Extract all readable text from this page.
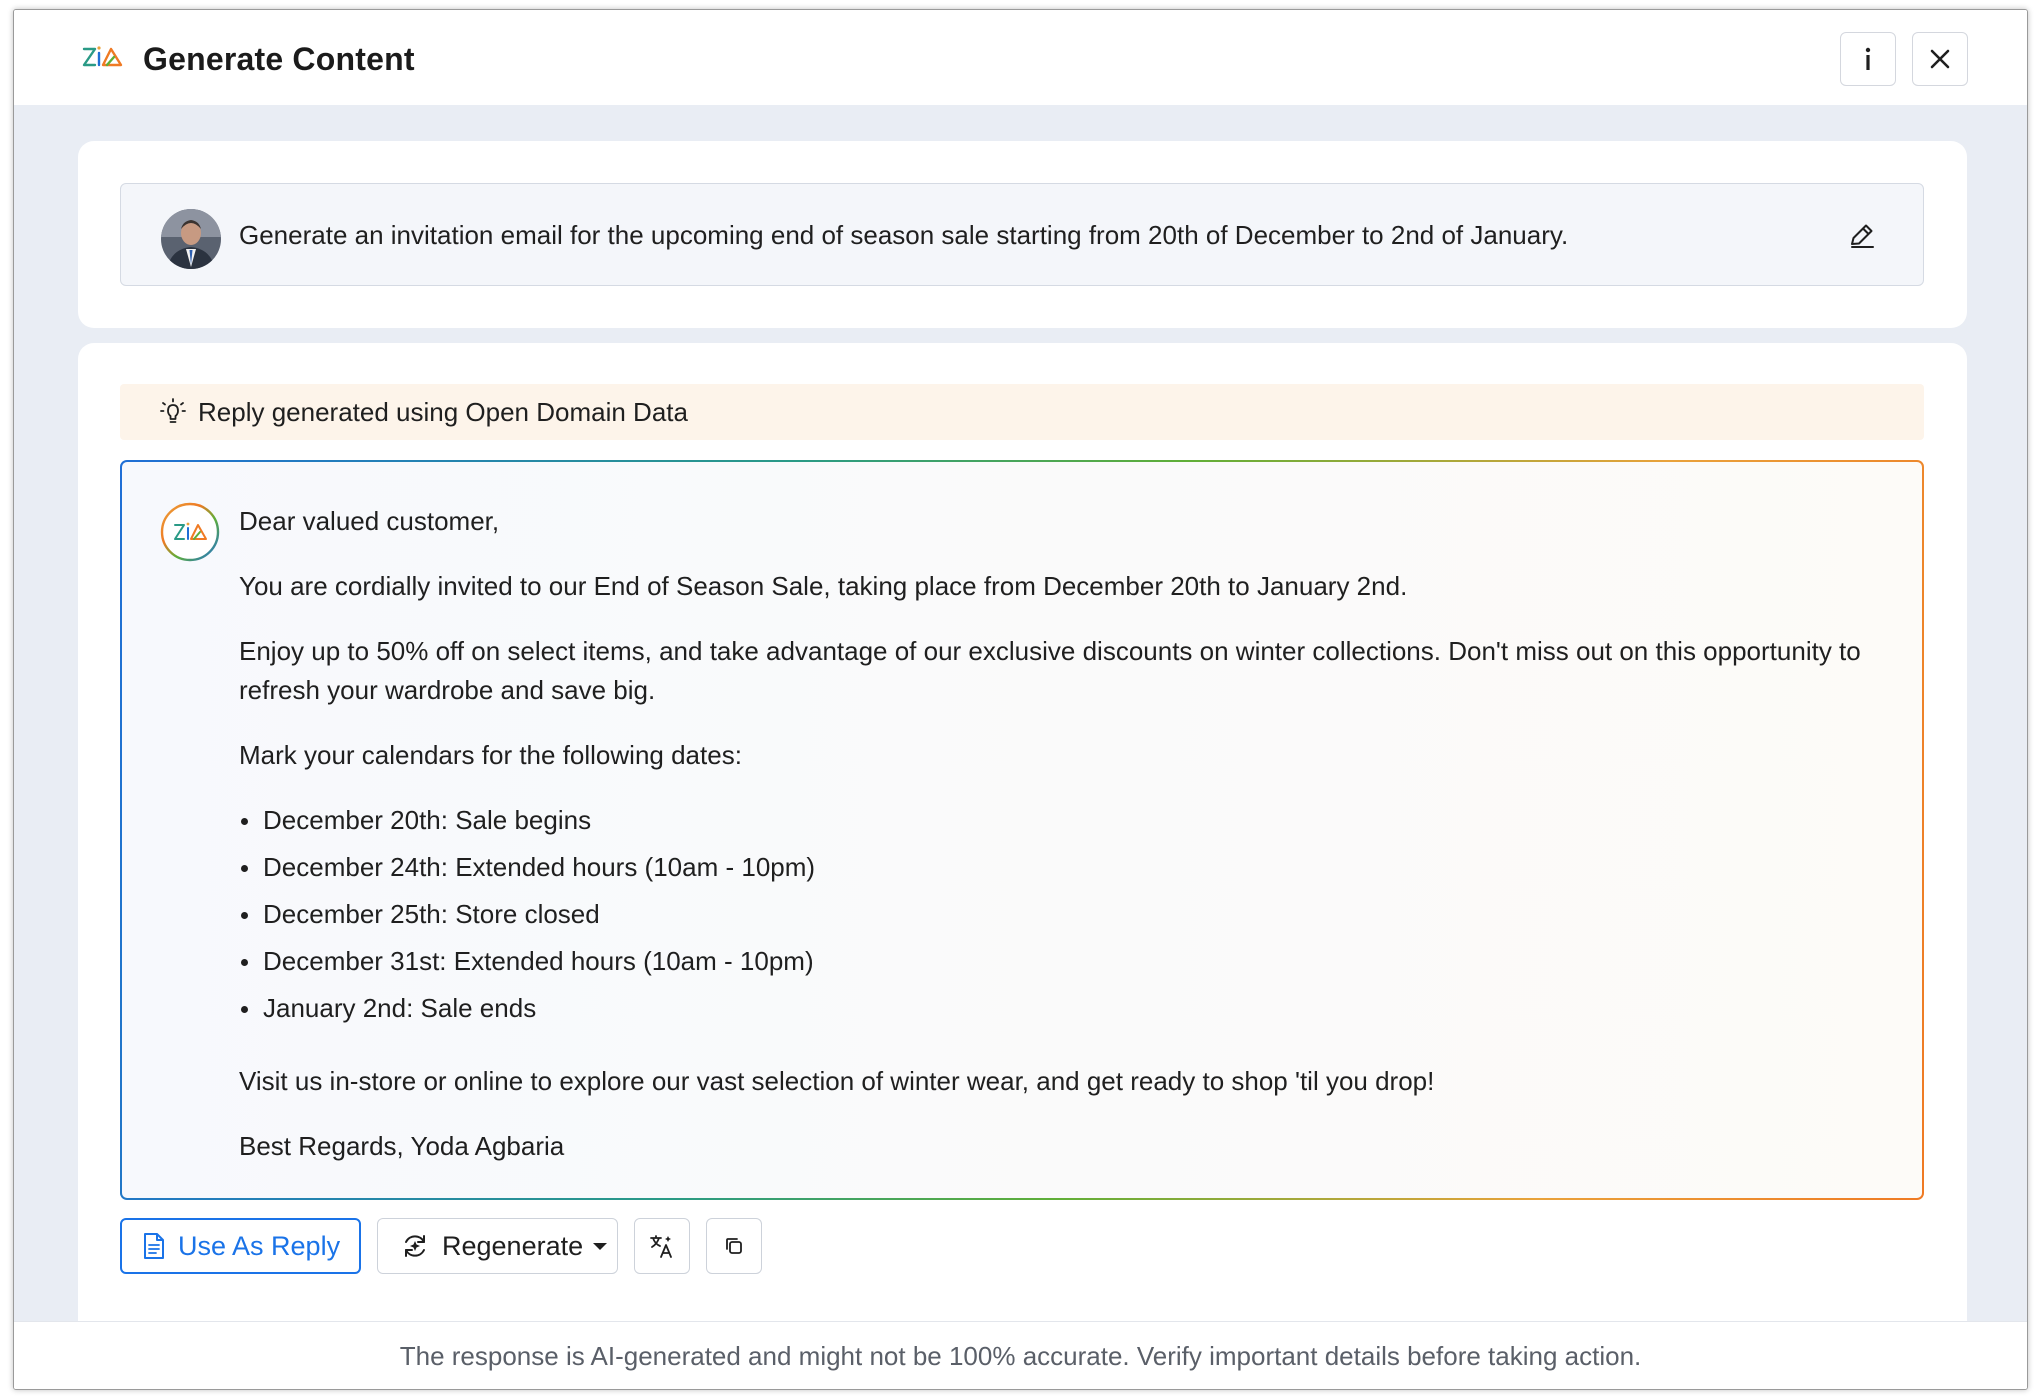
Generate Content
Generate an invitation email for the upcoming end of season sale starting from 20th of December to 2nd of January.
Reply generated using Open Domain Data

Dear valued customer,

You are cordially invited to our End of Season Sale, taking place from December 20th to January 2nd.

Enjoy up to 50% off on select items, and take advantage of our exclusive discounts on winter collections. Don't miss out on this opportunity to refresh your wardrobe and save big.

Mark your calendars for the following dates:

December 20th: Sale begins
December 24th: Extended hours (10am - 10pm)
December 25th: Store closed
December 31st: Extended hours (10am - 10pm)
January 2nd: Sale ends

Visit us in-store or online to explore our vast selection of winter wear, and get ready to shop 'til you drop!

Best Regards, Yoda Agbaria

Use As Reply	Regenerate
The response is AI-generated and might not be 100% accurate. Verify important details before taking action.
